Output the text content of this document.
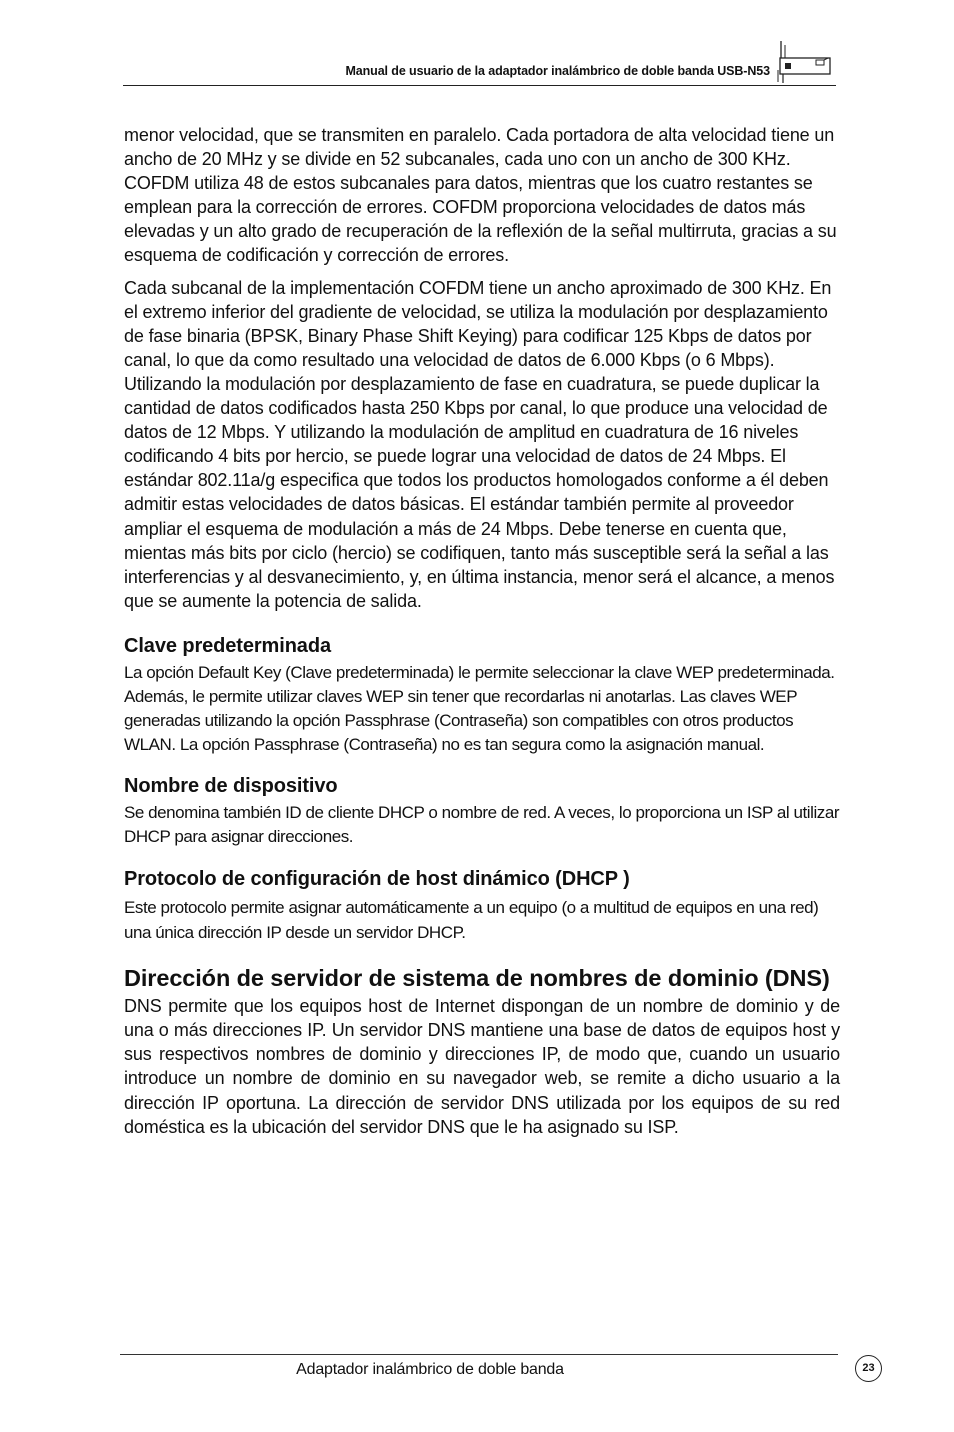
Manual de usuario de la adaptador inalámbrico de doble banda USB-N53

menor velocidad, que se transmiten en paralelo. Cada portadora de alta velocidad tiene un ancho de 20 MHz y se divide en 52 subcanales, cada uno con un ancho de 300 KHz. COFDM utiliza 48 de estos subcanales para datos, mientras que los cuatro restantes se emplean para la corrección de errores. COFDM proporciona velocidades de datos más elevadas y un alto grado de recuperación de la reflexión de la señal multirruta, gracias a su esquema de codificación y corrección de errores.

Cada subcanal de la implementación COFDM tiene un ancho aproximado de 300 KHz. En el extremo inferior del gradiente de velocidad, se utiliza la modulación por desplazamiento de fase binaria (BPSK, Binary Phase Shift Keying) para codificar 125 Kbps de datos por canal, lo que da como resultado una velocidad de datos de 6.000 Kbps (o 6 Mbps). Utilizando la modulación por desplazamiento de fase en cuadratura, se puede duplicar la cantidad de datos codificados hasta 250 Kbps por canal, lo que produce una velocidad de datos de 12 Mbps. Y utilizando la modulación de amplitud en cuadratura de 16 niveles codificando 4 bits por hercio, se puede lograr una velocidad de datos de 24 Mbps. El estándar 802.11a/g especifica que todos los productos homologados conforme a él deben admitir estas velocidades de datos básicas. El estándar también permite al proveedor ampliar el esquema de modulación a más de 24 Mbps. Debe tenerse en cuenta que, mientas más bits por ciclo (hercio) se codifiquen, tanto más susceptible será la señal a las interferencias y al desvanecimiento, y, en última instancia, menor será el alcance, a menos que se aumente la potencia de salida.

Clave predeterminada

La opción Default Key (Clave predeterminada) le permite seleccionar la clave WEP predeterminada. Además, le permite utilizar claves WEP sin tener que recordarlas ni anotarlas. Las claves WEP generadas utilizando la opción Passphrase (Contraseña) son compatibles con otros productos WLAN. La opción Passphrase (Contraseña) no es tan segura como la asignación manual.

Nombre de dispositivo

Se denomina también ID de cliente DHCP o nombre de red. A veces, lo proporciona un ISP al utilizar DHCP para asignar direcciones.

Protocolo de configuración de host dinámico (DHCP )

Este protocolo permite asignar automáticamente a un equipo (o a multitud de equipos en una red) una única dirección IP desde un servidor DHCP.

Dirección de servidor de sistema de nombres de dominio (DNS)

DNS permite que los equipos host de Internet dispongan de un nombre de dominio y de una o más direcciones IP. Un servidor DNS mantiene una base de datos de equipos host y sus respectivos nombres de dominio y direcciones IP, de modo que, cuando un usuario introduce un nombre de dominio en su navegador web, se remite a dicho usuario a la dirección IP oportuna. La dirección de servidor DNS utilizada por los equipos de su red doméstica es la ubicación del servidor DNS que le ha asignado su ISP.

Adaptador inalámbrico de doble banda	23
